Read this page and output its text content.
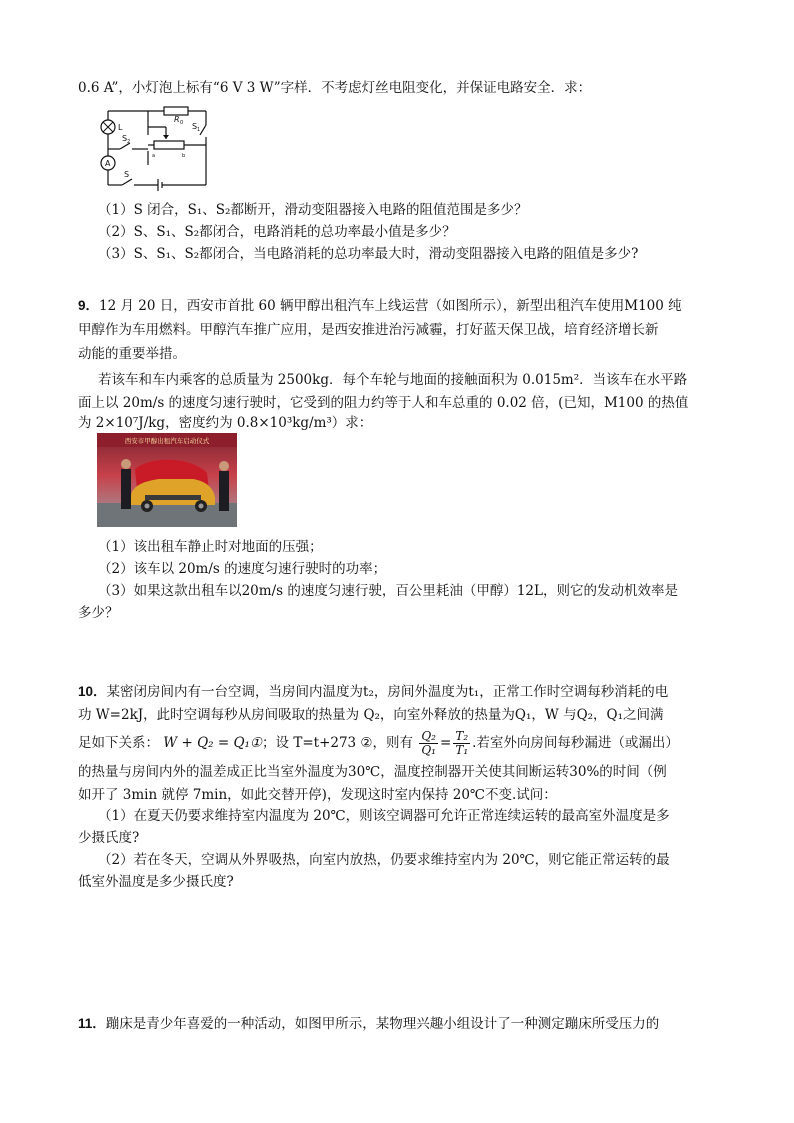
0.6 A”，小灯泡上标有“6 V 3 W”字样．不考虑灯丝电阻变化，并保证电路安全．求：
L
R 0 S 1
S 2
A
S
a	b
（1）S 闭合，S₁、S₂都断开，滑动变阻器接入电路的阻值范围是多少？
（2）S、S₁、S₂都闭合，电路消耗的总功率最小值是多少？
（3）S、S₁、S₂都闭合，当电路消耗的总功率最大时，滑动变阻器接入电路的阻值是多少?
9．12 月 20 日，西安市首批 60 辆甲醇出租汽车上线运营（如图所示），新型出租汽车使用M100 纯
甲醇作为车用燃料。甲醇汽车推广应用，是西安推进治污减霾，打好蓝天保卫战，培育经济增长新
动能的重要举措。
若该车和车内乘客的总质量为 2500kg．每个车轮与地面的接触面积为 0.015m²．当该车在水平路
面上以 20m/s 的速度匀速行驶时，它受到的阻力约等于人和车总重的 0.02 倍，(已知，M100 的热值
为 2×10⁷J/kg，密度约为 0.8×10³kg/m³）求：
西安市甲醇出租汽车启动仪式
（1）该出租车静止时对地面的压强；
（2）该车以 20m/s 的速度匀速行驶时的功率；
（3）如果这款出租车以20m/s 的速度匀速行驶，百公里耗油（甲醇）12L，则它的发动机效率是
多少？
10．某密闭房间内有一台空调，当房间内温度为t₂，房间外温度为t₁，正常工作时空调每秒消耗的电
功 W=2kJ，此时空调每秒从房间吸取的热量为 Q₂，向室外释放的热量为Q₁，W 与Q₂，Q₁之间满
足如下关系： W + Q₂ = Q₁①；设 T=t+273 ②，则有 $\frac{\text{Q₂}}{\text{Q₁}} = \frac{\text{T₂}}{\text{T₁}}$ .若室外向房间每秒漏进（或漏出）
的热量与房间内外的温差成正比当室外温度为30℃，温度控制器开关使其间断运转30%的时间（例
如开了 3min 就停 7min，如此交替开停)，发现这时室内保持 20℃不变.试问：
（1）在夏天仍要求维持室内温度为 20℃，则该空调器可允许正常连续运转的最高室外温度是多
少摄氏度?
（2）若在冬天，空调从外界吸热，向室内放热，仍要求维持室内为 20℃，则它能正常运转的最
低室外温度是多少摄氏度?
11．蹦床是青少年喜爱的一种活动，如图甲所示，某物理兴趣小组设计了一种测定蹦床所受压力的
